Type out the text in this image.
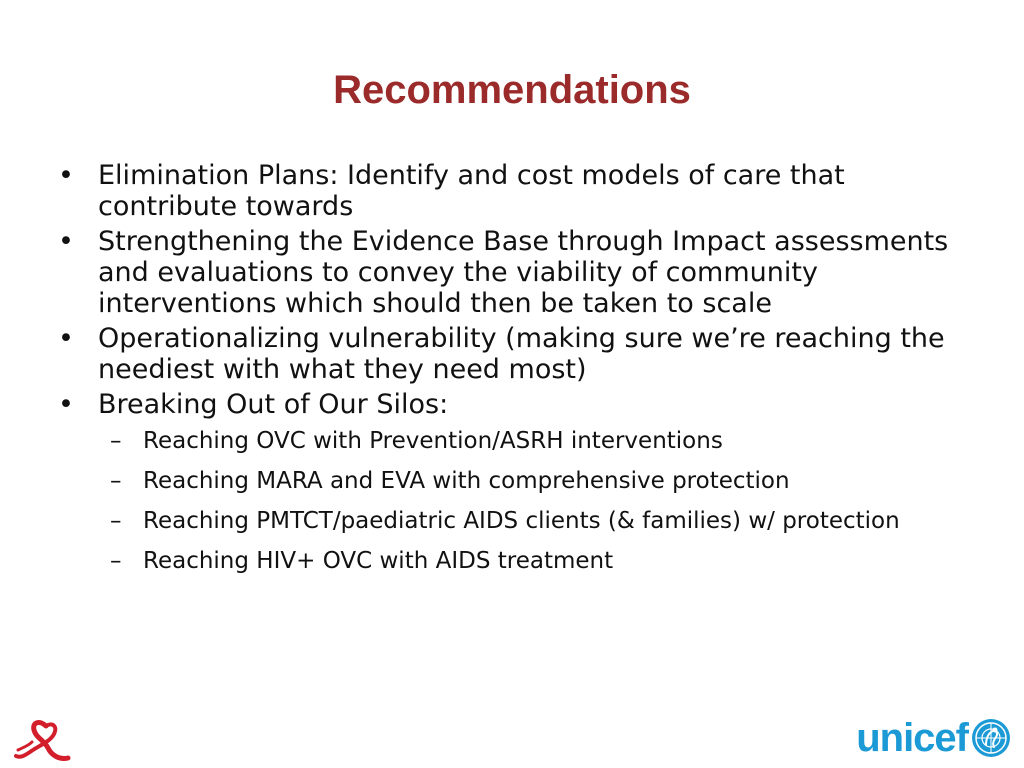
Recommendations
• Elimination Plans: Identify and cost models of care that contribute towards
• Strengthening the Evidence Base through Impact assessments and evaluations to convey the viability of community interventions which should then be taken to scale
• Operationalizing vulnerability (making sure we’re reaching the neediest with what they need most)
• Breaking Out of Our Silos:
– Reaching OVC with Prevention/ASRH interventions
– Reaching MARA and EVA with comprehensive protection
– Reaching PMTCT/paediatric AIDS clients (& families) w/ protection
– Reaching HIV+ OVC with AIDS treatment
unicef
